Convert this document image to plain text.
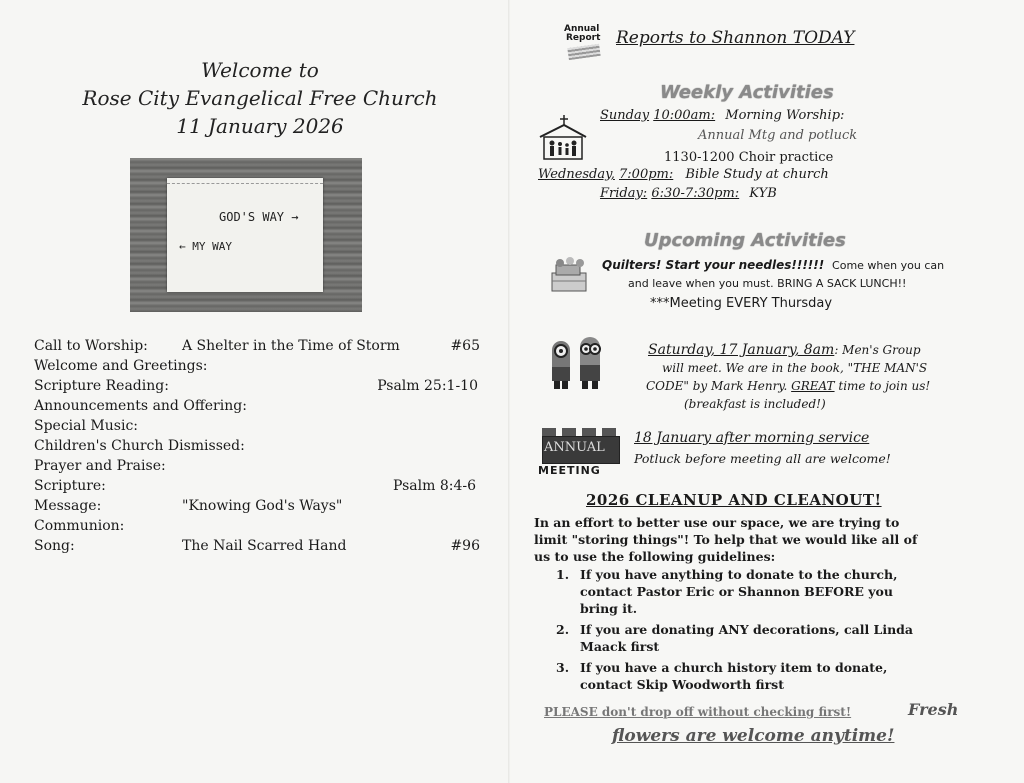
Welcome to
Rose City Evangelical Free Church
11 January 2026
GOD'S WAY →
← MY WAY
Call to Worship: A Shelter in the Time of Storm	#65
Welcome and Greetings:
Scripture Reading:	Psalm 25:1-10
Announcements and Offering:
Special Music:
Children's Church Dismissed:
Prayer and Praise:
Scripture:	Psalm 8:4-6
Message:	"Knowing God's Ways"
Communion:
Song:	The Nail Scarred Hand	#96
Annual
Report Reports to Shannon TODAY
Weekly Activities
Sunday 10:00am: Morning Worship:
Annual Mtg and potluck
1130-1200 Choir practice
Wednesday, 7:00pm: Bible Study at church
Friday: 6:30-7:30pm: KYB
Upcoming Activities
Quilters! Start your needles!!!!!! Come when you can
and leave when you must. BRING A SACK LUNCH!!
***Meeting EVERY Thursday
Saturday, 17 January, 8am: Men's Group
will meet. We are in the book, "THE MAN'S
CODE" by Mark Henry. GREAT time to join us!
(breakfast is included!)
ANNUAL
MEETING
18 January after morning service
Potluck before meeting all are welcome!
2026 CLEANUP AND CLEANOUT!
In an effort to better use our space, we are trying to
limit "storing things"! To help that we would like all of
us to use the following guidelines:
1. If you have anything to donate to the church,
contact Pastor Eric or Shannon BEFORE you
bring it.
2. If you are donating ANY decorations, call Linda
Maack first
3. If you have a church history item to donate,
contact Skip Woodworth first
PLEASE don't drop off without checking first!	Fresh
flowers are welcome anytime!
